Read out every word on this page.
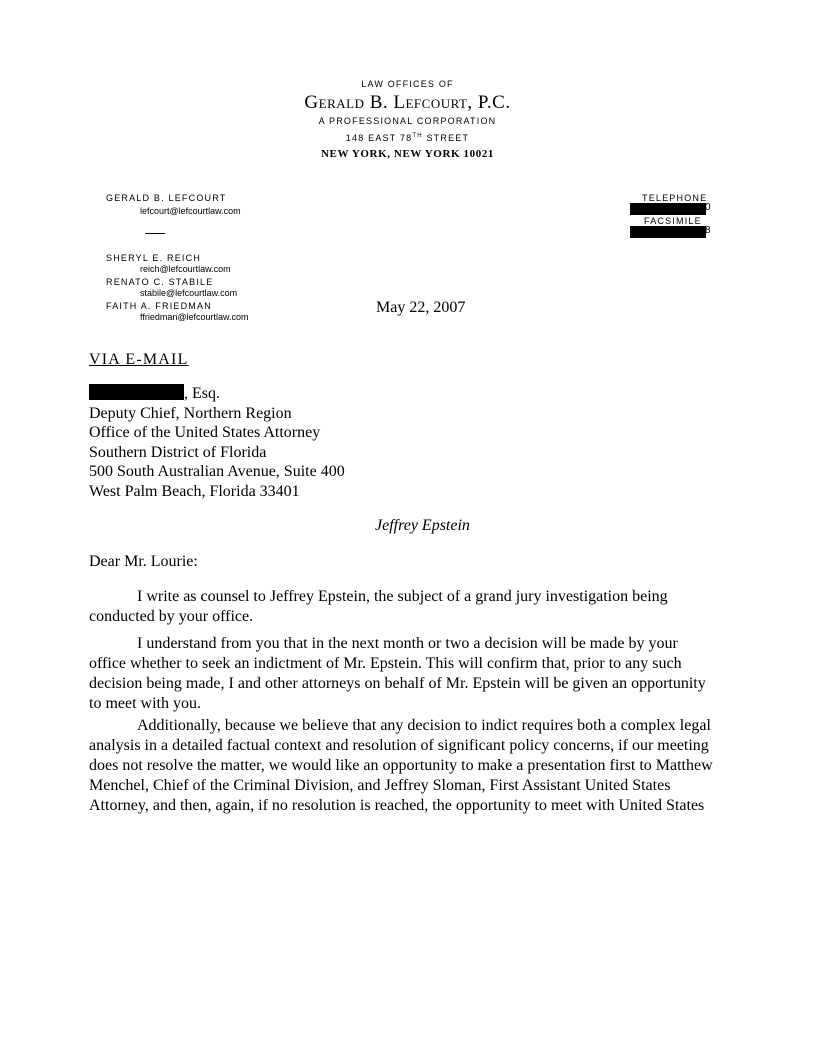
LAW OFFICES OF
Gerald B. Lefcourt, P.C.
A PROFESSIONAL CORPORATION
148 EAST 78TH STREET
NEW YORK, NEW YORK 10021
GERALD B. LEFCOURT
lefcourt@lefcourtlaw.com
SHERYL E. REICH
reich@lefcourtlaw.com
RENATO C. STABILE
stabile@lefcourtlaw.com
FAITH A. FRIEDMAN
ffriedman@lefcourtlaw.com
TELEPHONE
0
FACSIMILE
8
May 22, 2007
VIA E-MAIL
, Esq.
Deputy Chief, Northern Region
Office of the United States Attorney
Southern District of Florida
500 South Australian Avenue, Suite 400
West Palm Beach, Florida 33401
Jeffrey Epstein
Dear Mr. Lourie:
I write as counsel to Jeffrey Epstein, the subject of a grand jury investigation being
conducted by your office.
I understand from you that in the next month or two a decision will be made by your
office whether to seek an indictment of Mr. Epstein. This will confirm that, prior to any such
decision being made, I and other attorneys on behalf of Mr. Epstein will be given an opportunity
to meet with you.
Additionally, because we believe that any decision to indict requires both a complex legal
analysis in a detailed factual context and resolution of significant policy concerns, if our meeting
does not resolve the matter, we would like an opportunity to make a presentation first to Matthew
Menchel, Chief of the Criminal Division, and Jeffrey Sloman, First Assistant United States
Attorney, and then, again, if no resolution is reached, the opportunity to meet with United States
